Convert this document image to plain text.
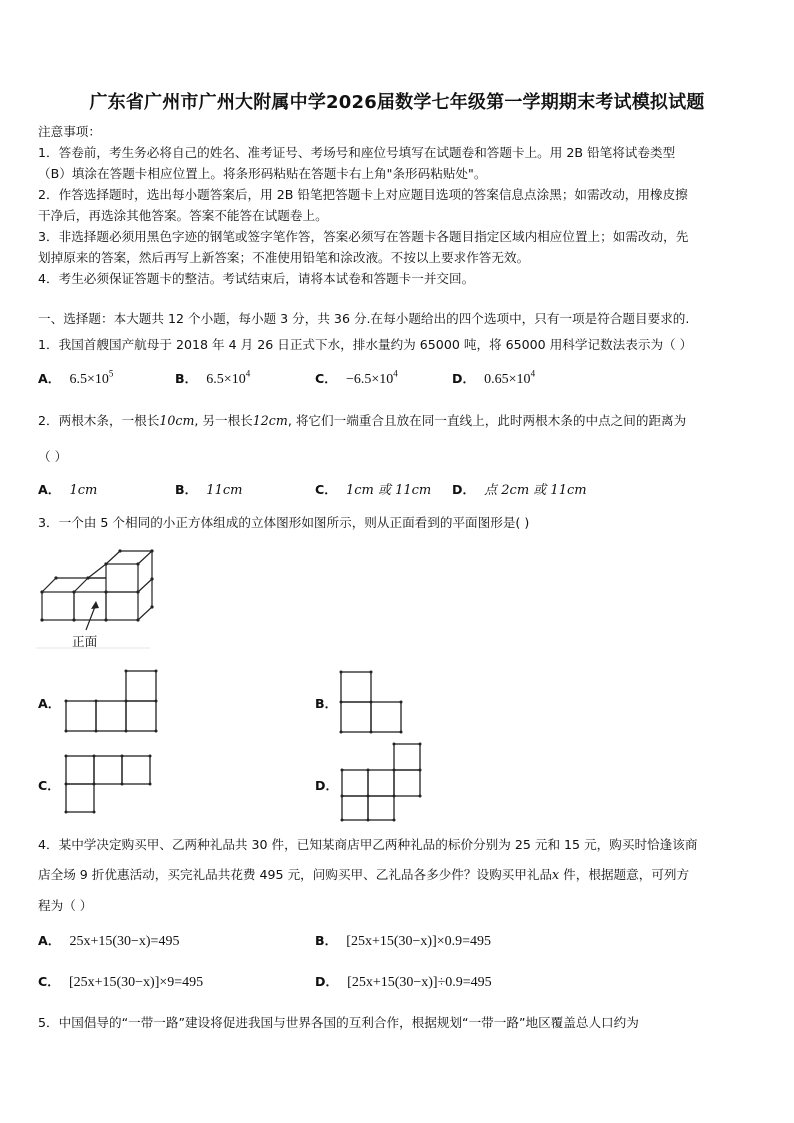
广东省广州市广州大附属中学2026届数学七年级第一学期期末考试模拟试题
注意事项：
1．答卷前，考生务必将自己的姓名、准考证号、考场号和座位号填写在试题卷和答题卡上。用 2B 铅笔将试卷类型
（B）填涂在答题卡相应位置上。将条形码粘贴在答题卡右上角"条形码粘贴处"。
2．作答选择题时，选出每小题答案后，用 2B 铅笔把答题卡上对应题目选项的答案信息点涂黑；如需改动，用橡皮擦
干净后，再选涂其他答案。答案不能答在试题卷上。
3．非选择题必须用黑色字迹的钢笔或签字笔作答，答案必须写在答题卡各题目指定区域内相应位置上；如需改动，先
划掉原来的答案，然后再写上新答案；不准使用铅笔和涂改液。不按以上要求作答无效。
4．考生必须保证答题卡的整洁。考试结束后，请将本试卷和答题卡一并交回。
一、选择题：本大题共 12 个小题，每小题 3 分，共 36 分.在每小题给出的四个选项中，只有一项是符合题目要求的.
1．我国首艘国产航母于 2018 年 4 月 26 日正式下水，排水量约为 65000 吨，将 65000 用科学记数法表示为（ ）
A． $6.5\times 10^5$	B． $6.5\times 10^4$	C． $-6.5\times 10^4$	D． $0.65\times 10^4$
2．两根木条，一根长10cm, 另一根长12cm, 将它们一端重合且放在同一直线上，此时两根木条的中点之间的距离为
（ ）
A． 1cm	B． 11cm	C． 1cm 或 11cm D． 点 2cm 或 11cm
3．一个由 5 个相同的小正方体组成的立体图形如图所示，则从正面看到的平面图形是( )
正面
A．	B．
C．	D．
4．某中学决定购买甲、乙两种礼品共 30 件，已知某商店甲乙两种礼品的标价分别为 25 元和 15 元，购买时恰逢该商
店全场 9 折优惠活动，买完礼品共花费 495 元，问购买甲、乙礼品各多少件？设购买甲礼品x 件，根据题意，可列方
程为（ ）
A． 25x+15(30−x)=495	B． [25x+15(30−x)]×0.9=495
C． [25x+15(30−x)]×9=495	D． [25x+15(30−x)]÷0.9=495
5．中国倡导的“一带一路”建设将促进我国与世界各国的互利合作，根据规划“一带一路”地区覆盖总人口约为
